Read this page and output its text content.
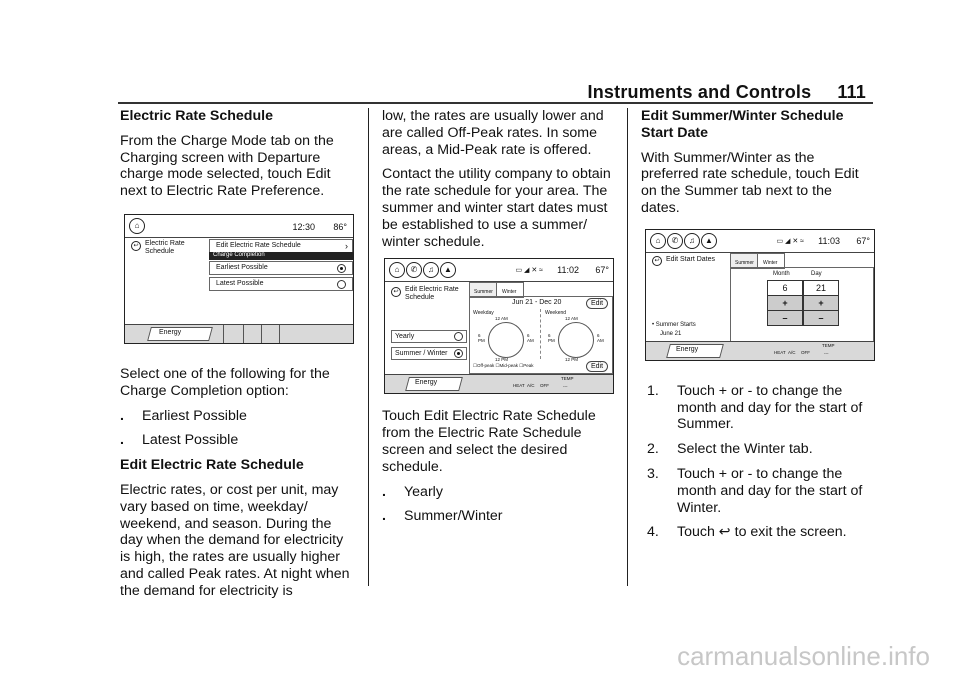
Instruments and Controls 111
Electric Rate Schedule

From the Charge Mode tab on the Charging screen with Departure charge mode selected, touch Edit next to Electric Rate Preference.

Select one of the following for the Charge Completion option:

.	Earliest Possible
.	Latest Possible
Edit Electric Rate Schedule

Electric rates, or cost per unit, may vary based on time, weekday/ weekend, and season. During the day when the demand for electricity is high, the rates are usually higher and called Peak rates. At night when the demand for electricity is

⌂	12:30 86°
↩ Electric Rate
Schedule
Edit Electric Rate Schedule	›
Charge Completion
Earliest Possible
Latest Possible
Energy

low, the rates are usually lower and are called Off-Peak rates. In some areas, a Mid-Peak rate is offered.

Contact the utility company to obtain the rate schedule for your area. The summer and winter start dates must be established to use a summer/ winter schedule.

Touch Edit Electric Rate Schedule from the Electric Rate Schedule screen and select the desired schedule.

.	Yearly
.	Summer/Winter
⌂	✆	♫	▲	▭ ◢ ✕ ≈ 11:02 67°
↩ Edit Electric Rate
Schedule
Summer Winter
Jun 21 - Dec 20	Edit
Weekday	Weekend
12 AM	12 AM
12 PM	12 PM
6
PM
6
AM
6
PM
6
AM
☐Off-peak ☐Mid-peak ☐Peak	Edit
Yearly
Summer / Winter
Energy	HEAT A/C OFF
TEMP
---
Edit Summer/Winter Schedule Start Date

With Summer/Winter as the preferred rate schedule, touch Edit on the Summer tab next to the dates.

1.	Touch + or - to change the month and day for the start of Summer.
2.	Select the Winter tab.
3.	Touch + or - to change the month and day for the start of Winter.
4.	Touch ↩ to exit the screen.
⌂	✆	♫	▲	▭ ◢ ✕ ≈ 11:03 67°
↩ Edit Start Dates	Summer Winter
Month	Day
6	21
+	+
–	–
• Summer Starts
June 21
Energy	HEAT A/C OFF
TEMP
---
carmanualsonline.info
